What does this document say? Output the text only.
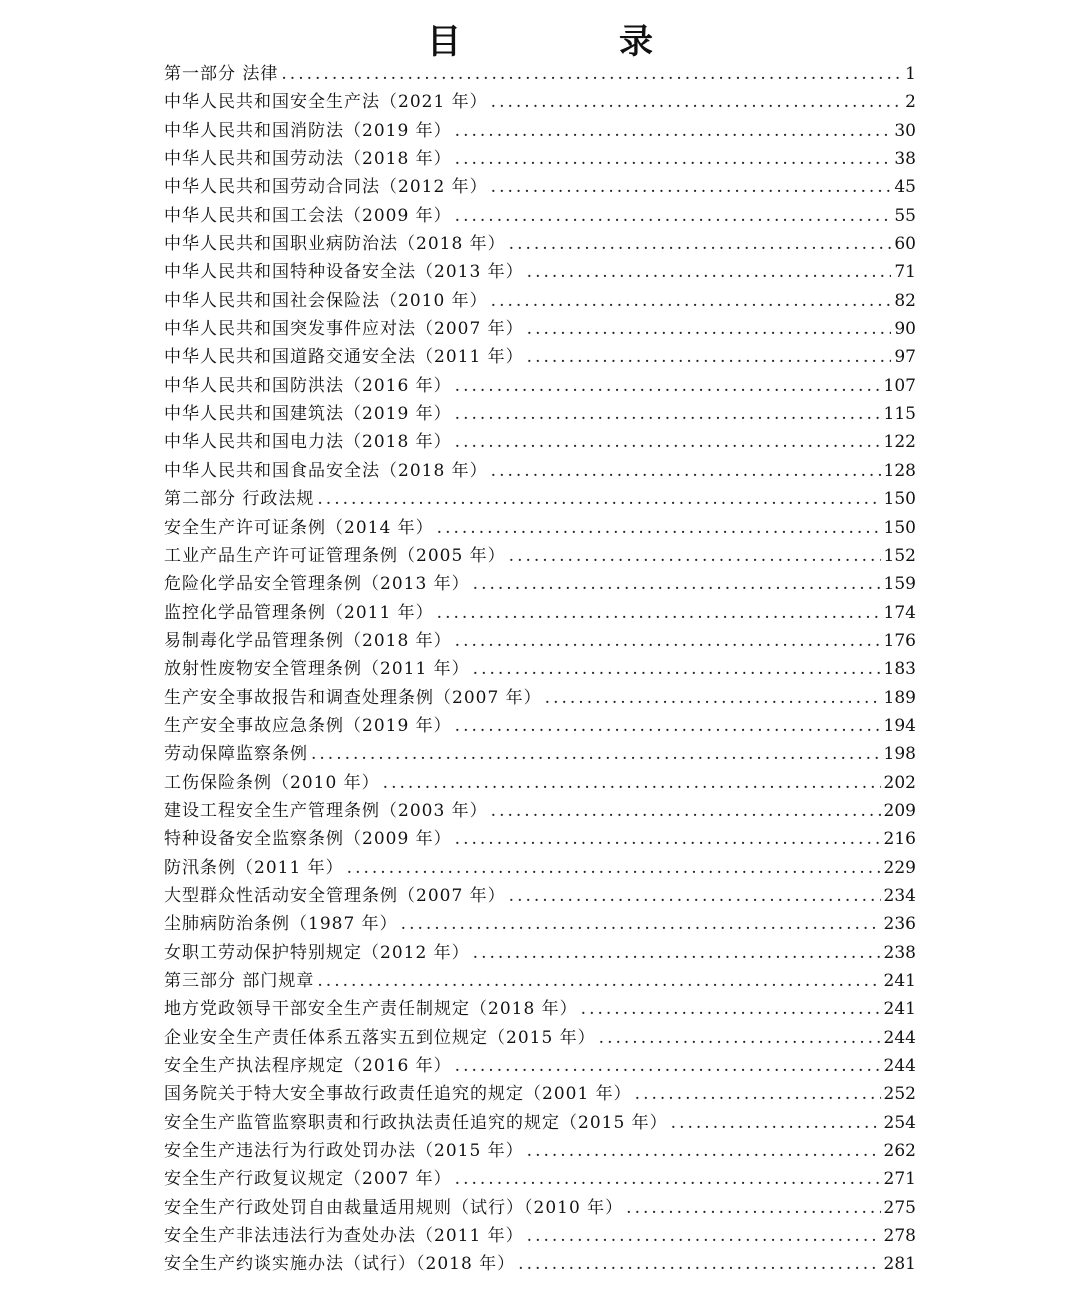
目　录
第一部分 法律 .....	1
中华人民共和国安全生产法（2021 年） .....	2
中华人民共和国消防法（2019 年） .....	30
中华人民共和国劳动法（2018 年） .....	38
中华人民共和国劳动合同法（2012 年） .....	45
中华人民共和国工会法（2009 年） .....	55
中华人民共和国职业病防治法（2018 年） .....	60
中华人民共和国特种设备安全法（2013 年） .....	71
中华人民共和国社会保险法（2010 年） .....	82
中华人民共和国突发事件应对法（2007 年） .....	90
中华人民共和国道路交通安全法（2011 年） .....	97
中华人民共和国防洪法（2016 年） .....	107
中华人民共和国建筑法（2019 年） .....	115
中华人民共和国电力法（2018 年） .....	122
中华人民共和国食品安全法（2018 年） .....	128
第二部分 行政法规 .....	150
安全生产许可证条例（2014 年） .....	150
工业产品生产许可证管理条例（2005 年） .....	152
危险化学品安全管理条例（2013 年） .....	159
监控化学品管理条例（2011 年） .....	174
易制毒化学品管理条例（2018 年） .....	176
放射性废物安全管理条例（2011 年） .....	183
生产安全事故报告和调查处理条例（2007 年） .....	189
生产安全事故应急条例（2019 年） .....	194
劳动保障监察条例 .....	198
工伤保险条例（2010 年） .....	202
建设工程安全生产管理条例（2003 年） .....	209
特种设备安全监察条例（2009 年） .....	216
防汛条例（2011 年） .....	229
大型群众性活动安全管理条例（2007 年） .....	234
尘肺病防治条例（1987 年） .....	236
女职工劳动保护特别规定（2012 年） .....	238
第三部分 部门规章 .....	241
地方党政领导干部安全生产责任制规定（2018 年） .....	241
企业安全生产责任体系五落实五到位规定（2015 年） .....	244
安全生产执法程序规定（2016 年） .....	244
国务院关于特大安全事故行政责任追究的规定（2001 年） .....	252
安全生产监管监察职责和行政执法责任追究的规定（2015 年） .....	254
安全生产违法行为行政处罚办法（2015 年） .....	262
安全生产行政复议规定（2007 年） .....	271
安全生产行政处罚自由裁量适用规则（试行）（2010 年） .....	275
安全生产非法违法行为查处办法（2011 年） .....	278
安全生产约谈实施办法（试行）（2018 年） .....	281
